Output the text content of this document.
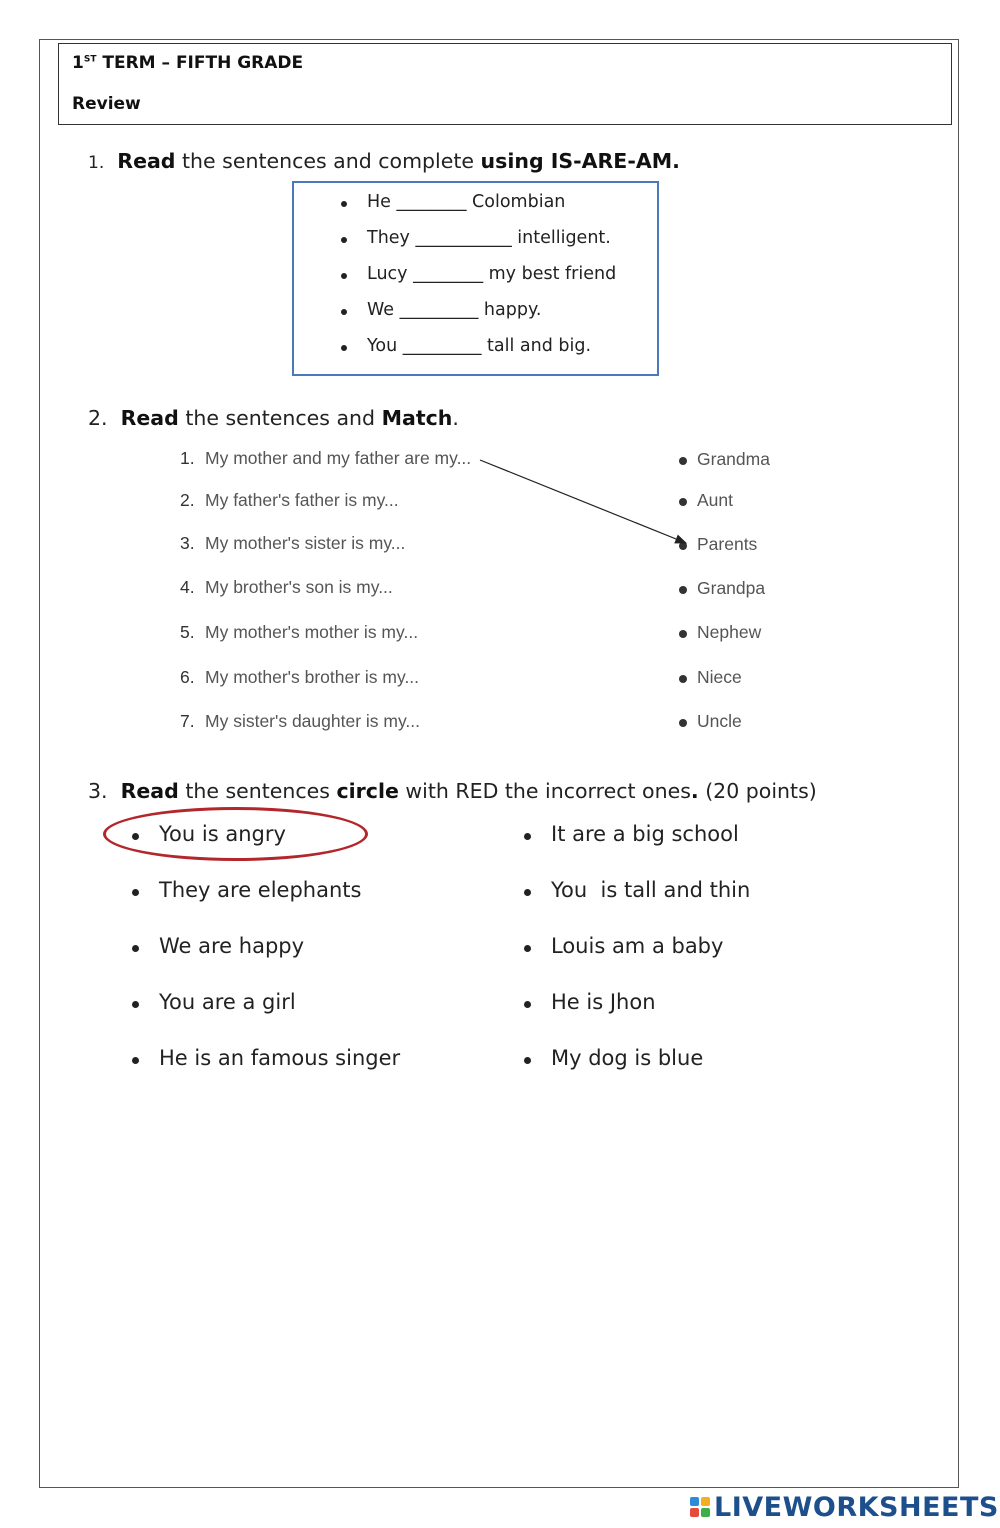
1ST TERM – FIFTH GRADE
Review
1. Read the sentences and complete using IS-ARE-AM.
He ________ Colombian
They ___________ intelligent.
Lucy ________ my best friend
We _________ happy.
You _________ tall and big.
2. Read the sentences and Match.
1. My mother and my father are my...
2. My father's father is my...
3. My mother's sister is my...
4. My brother's son is my...
5. My mother's mother is my...
6. My mother's brother is my...
7. My sister's daughter is my...
Grandma
Aunt
Parents
Grandpa
Nephew
Niece
Uncle
3. Read the sentences circle with RED the incorrect ones. (20 points)
You is angry
They are elephants
We are happy
You are a girl
He is an famous singer
It are a big school
You  is tall and thin
Louis am a baby
He is Jhon
My dog is blue
LIVEWORKSHEETS
